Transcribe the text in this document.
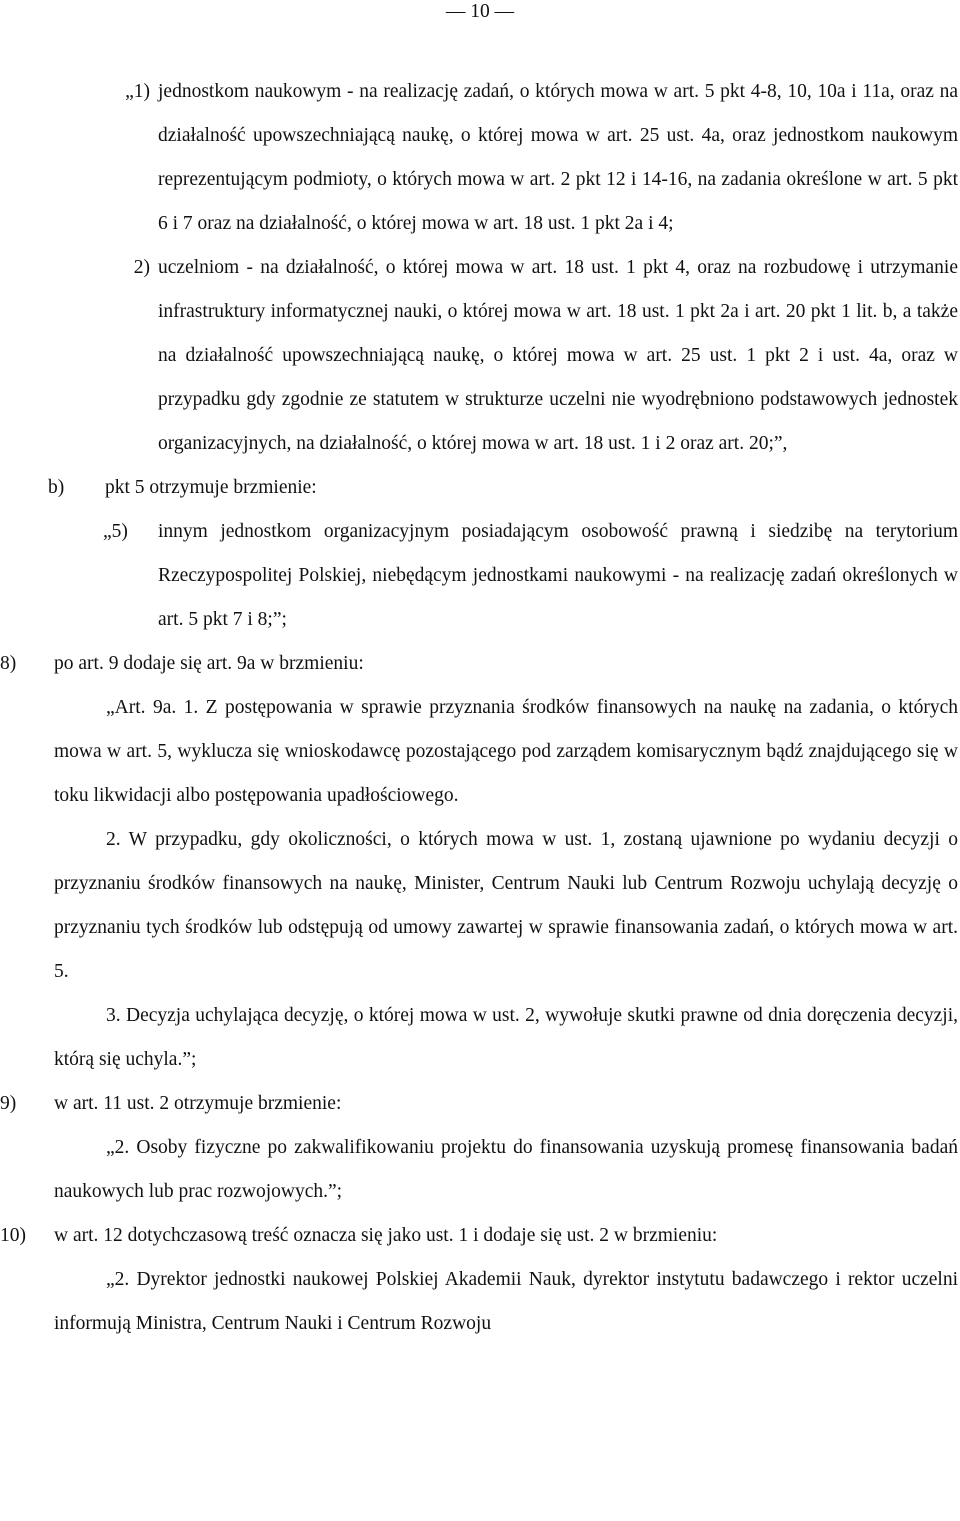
— 10 —

„1) jednostkom naukowym - na realizację zadań, o których mowa w art. 5 pkt 4-8, 10, 10a i 11a, oraz na działalność upowszechniającą naukę, o której mowa w art. 25 ust. 4a, oraz jednostkom naukowym reprezentującym podmioty, o których mowa w art. 2 pkt 12 i 14-16, na zadania określone w art. 5 pkt 6 i 7 oraz na działalność, o której mowa w art. 18 ust. 1 pkt 2a i 4;

2) uczelniom - na działalność, o której mowa w art. 18 ust. 1 pkt 4, oraz na rozbudowę i utrzymanie infrastruktury informatycznej nauki, o której mowa w art. 18 ust. 1 pkt 2a i art. 20 pkt 1 lit. b, a także na działalność upowszechniającą naukę, o której mowa w art. 25 ust. 1 pkt 2 i ust. 4a, oraz w przypadku gdy zgodnie ze statutem w strukturze uczelni nie wyodrębniono podstawowych jednostek organizacyjnych, na działalność, o której mowa w art. 18 ust. 1 i 2 oraz art. 20;”,

b) pkt 5 otrzymuje brzmienie:

„5) innym jednostkom organizacyjnym posiadającym osobowość prawną i siedzibę na terytorium Rzeczypospolitej Polskiej, niebędącym jednostkami naukowymi - na realizację zadań określonych w art. 5 pkt 7 i 8;”;

8) po art. 9 dodaje się art. 9a w brzmieniu:

„Art. 9a. 1. Z postępowania w sprawie przyznania środków finansowych na naukę na zadania, o których mowa w art. 5, wyklucza się wnioskodawcę pozostającego pod zarządem komisarycznym bądź znajdującego się w toku likwidacji albo postępowania upadłościowego.

2. W przypadku, gdy okoliczności, o których mowa w ust. 1, zostaną ujawnione po wydaniu decyzji o przyznaniu środków finansowych na naukę, Minister, Centrum Nauki lub Centrum Rozwoju uchylają decyzję o przyznaniu tych środków lub odstępują od umowy zawartej w sprawie finansowania zadań, o których mowa w art. 5.

3. Decyzja uchylająca decyzję, o której mowa w ust. 2, wywołuje skutki prawne od dnia doręczenia decyzji, którą się uchyla.”;

9) w art. 11 ust. 2 otrzymuje brzmienie:

„2. Osoby fizyczne po zakwalifikowaniu projektu do finansowania uzyskują promesę finansowania badań naukowych lub prac rozwojowych.”;

10) w art. 12 dotychczasową treść oznacza się jako ust. 1 i dodaje się ust. 2 w brzmieniu:

„2. Dyrektor jednostki naukowej Polskiej Akademii Nauk, dyrektor instytutu badawczego i rektor uczelni informują Ministra, Centrum Nauki i Centrum Rozwoju
